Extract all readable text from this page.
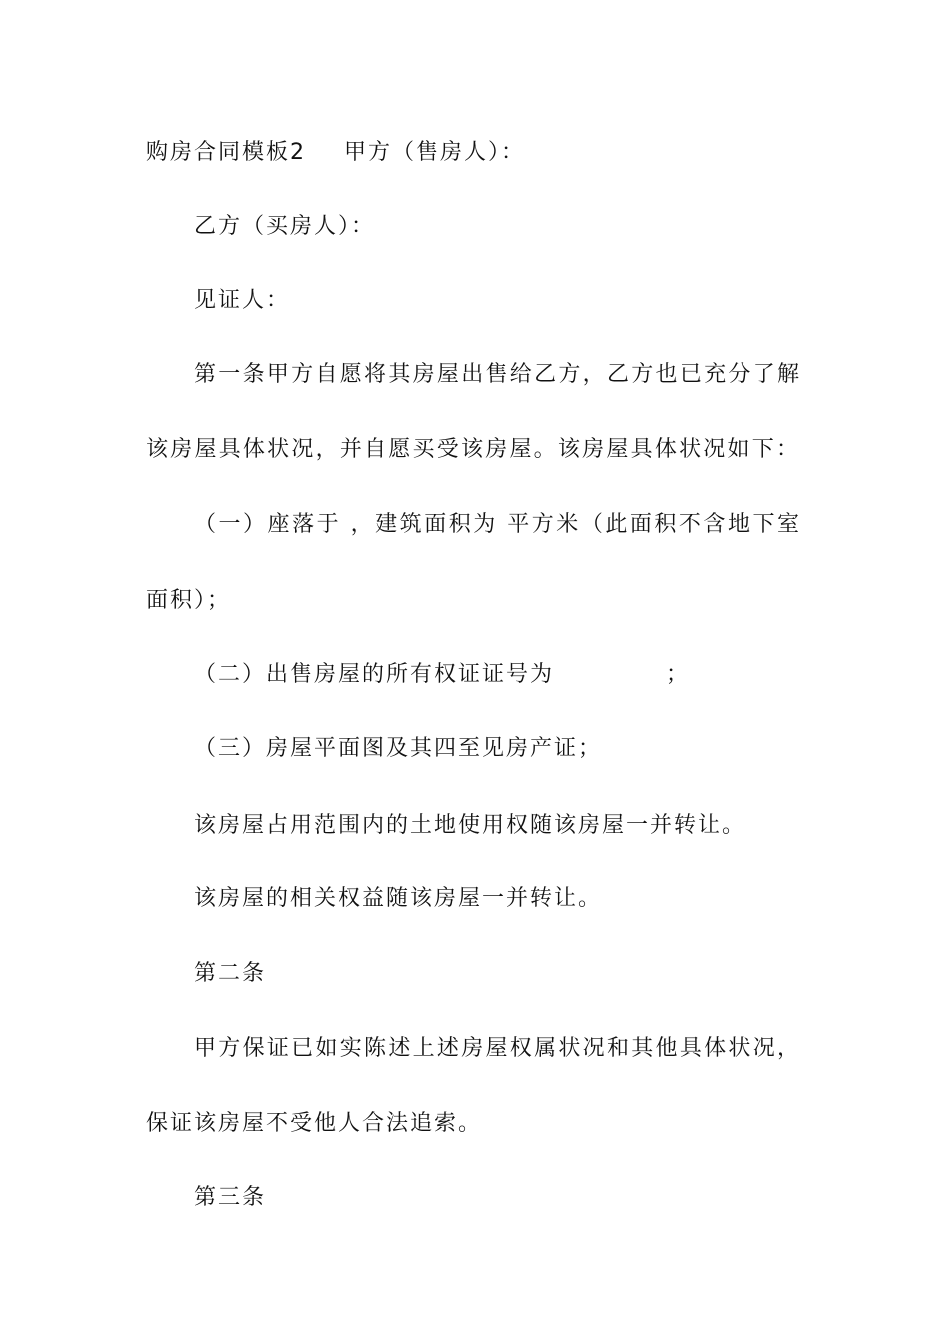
购房合同模板2 甲方（售房人）：
乙方（买房人）：
见证人：
第一条甲方自愿将其房屋出售给乙方，乙方也已充分了解
该房屋具体状况，并自愿买受该房屋。该房屋具体状况如下：
（一）座落于 ，建筑面积为 平方米（此面积不含地下室
面积）；
（二）出售房屋的所有权证证号为	；
（三）房屋平面图及其四至见房产证；
该房屋占用范围内的土地使用权随该房屋一并转让。
该房屋的相关权益随该房屋一并转让。
第二条
甲方保证已如实陈述上述房屋权属状况和其他具体状况，
保证该房屋不受他人合法追索。
第三条
